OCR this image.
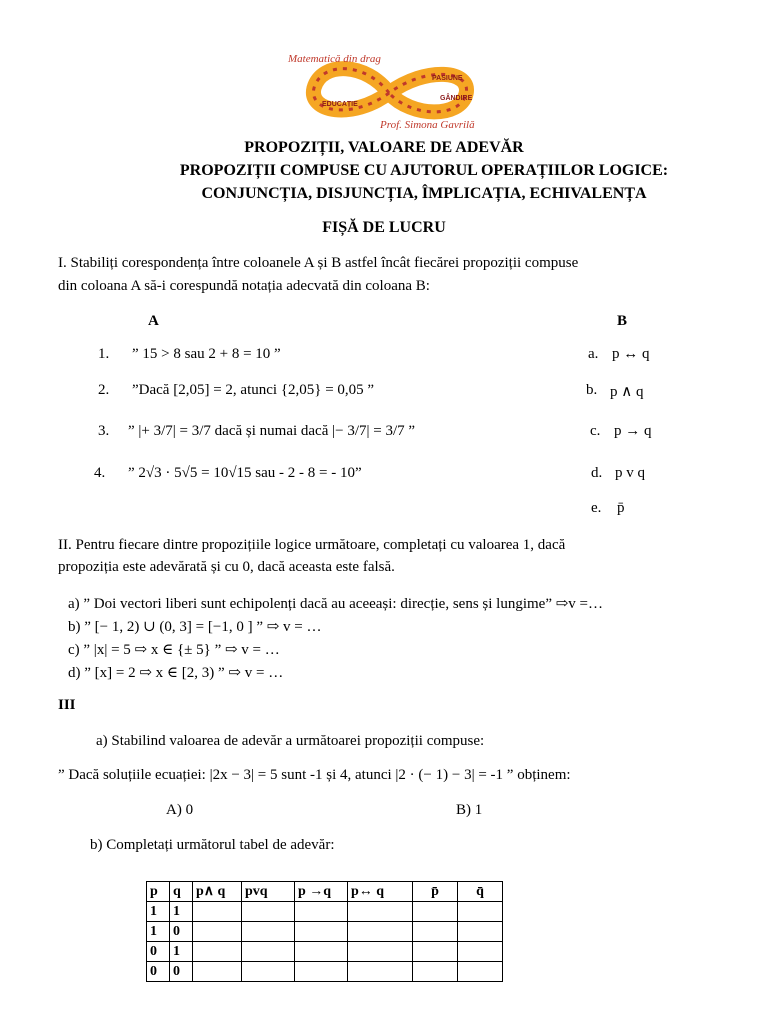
Matematică din drag
PASIUNE
GÂNDIRE
EDUCAȚIE
Prof. Simona Gavrilă
PROPOZIȚII, VALOARE DE ADEVĂR
PROPOZIȚII COMPUSE CU AJUTORUL OPERAȚIILOR LOGICE:
CONJUNCȚIA, DISJUNCȚIA, ÎMPLICAȚIA, ECHIVALENȚA
FIȘĂ DE LUCRU
I. Stabiliți corespondența între coloanele A și B astfel încât fiecărei propoziții compuse
din coloana A să-i corespundă notația adecvată din coloana B:
A	B
1. ” 15 > 8 sau 2 + 8 = 10 ”
2. ”Dacă [2,05] = 2, atunci {2,05} = 0,05 ”
3. ” |+ 3/7| = 3/7 dacă și numai dacă |− 3/7| = 3/7 ”
4. ” 2√3 · 5√5 = 10√15 sau - 2 - 8 = - 10”
a. p ↔ q
b. p ∧ q
c. p → q
d. p v q
e. p̄
II. Pentru fiecare dintre propozițiile logice următoare, completați cu valoarea 1, dacă
propoziția este adevărată și cu 0, dacă aceasta este falsă.
a) ” Doi vectori liberi sunt echipolenți dacă au aceeași: direcție, sens și lungime” ⇨v =…
b) ” [− 1, 2) ∪ (0, 3] = [−1, 0 ] ” ⇨ v = …
c) ” |x| = 5 ⇨ x ∈ {± 5} ” ⇨ v = …
d) ” [x] = 2 ⇨ x ∈ [2, 3) ” ⇨ v = …
III
a) Stabilind valoarea de adevăr a următoarei propoziții compuse:
” Dacă soluțiile ecuației: |2x − 3| = 5 sunt -1 și 4, atunci |2 · (− 1) − 3| = -1 ” obținem:
A) 0	B) 1
b) Completați următorul tabel de adevăr:
p	q	p∧ q	pvq	p →q	p↔ q	p̄	q̄
1	1						
1	0						
0	1						
0	0						
